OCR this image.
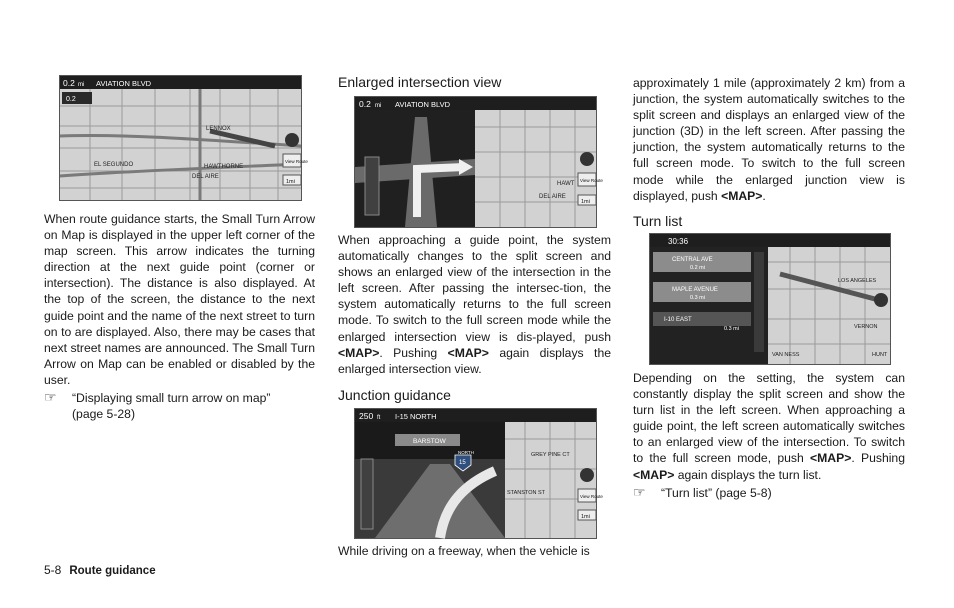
0.2 mi AVIATION BLVD
0.2
LENNOX
EL SEGUNDO	HAWTHORNE
DEL AIRE
View Route
1mi

When route guidance starts, the Small Turn Arrow on Map is displayed in the upper left corner of the map screen. This arrow indicates the turning direction at the next guide point (corner or intersection). The distance is also displayed. At the top of the screen, the distance to the next guide point and the name of the next street to turn on to are displayed. Also, there may be cases that next street names are announced. The Small Turn Arrow on Map can be enabled or disabled by the user.

☞	“Displaying small turn arrow on map”
(page 5-28)
Enlarged intersection view
0.2 mi AVIATION BLVD
HAWT
DEL AIRE
View Route
1mi

When approaching a guide point, the system automatically changes to the split screen and shows an enlarged view of the intersection in the left screen. After passing the intersec-tion, the system automatically returns to the full screen mode. To switch to the full screen mode while the enlarged intersection view is dis-played, push <MAP>. Pushing <MAP> again displays the enlarged intersection view.

Junction guidance
BARSTOW
NORTH
15
250 ft I-15 NORTH
GREY PINE CT
STANSTON ST
View Route
1mi

While driving on a freeway, when the vehicle is

approximately 1 mile (approximately 2 km) from a junction, the system automatically switches to the split screen and displays an enlarged view of the junction (3D) in the left screen. After passing the junction, the system automatically returns to the full screen mode. To switch to the full screen mode while the enlarged junction view is displayed, push <MAP>.

Turn list
30:36
CENTRAL AVE
0.2 mi
MAPLE AVENUE
0.3 mi
I-10 EAST
0.3 mi
LOS ANGELES
VERNON
VAN NESS	HUNT

Depending on the setting, the system can constantly display the split screen and show the turn list in the left screen. When approaching a guide point, the left screen automatically switches to an enlarged view of the intersection. To switch to the full screen mode, push <MAP>. Pushing <MAP> again displays the turn list.

☞	“Turn list” (page 5-8)
5-8 Route guidance
